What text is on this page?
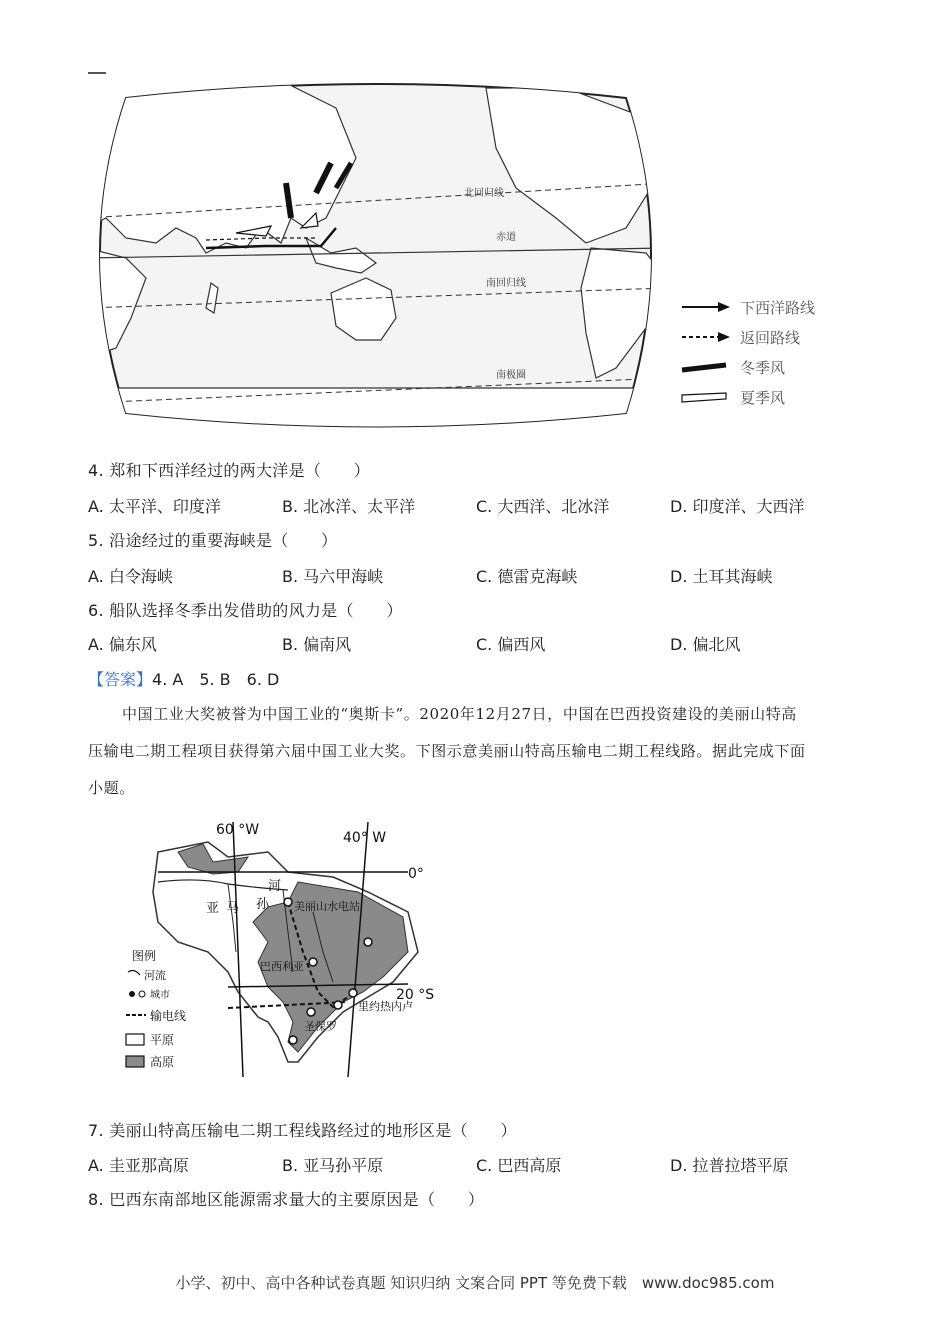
北回归线
赤道
南回归线
南极圈
下西洋路线
返回路线
冬季风
夏季风
4. 郑和下西洋经过的两大洋是（　　）
A. 太平洋、印度洋	B. 北冰洋、太平洋	C. 大西洋、北冰洋	D. 印度洋、大西洋
5. 沿途经过的重要海峡是（　　）
A. 白令海峡	B. 马六甲海峡	C. 德雷克海峡	D. 土耳其海峡
6. 船队选择冬季出发借助的风力是（　　）
A. 偏东风	B. 偏南风	C. 偏西风	D. 偏北风
【答案】4. A　5. B　6. D
中国工业大奖被誉为中国工业的“奥斯卡”。2020年12月27日，中国在巴西投资建设的美丽山特高
压输电二期工程项目获得第六届中国工业大奖。下图示意美丽山特高压输电二期工程线路。据此完成下面
小题。
60 °W	40° W
0°
20 °S
亚 马 孙
河
美丽山水电站
巴西利亚
里约热内卢
圣保罗
图例
河流
城市
输电线
平原
高原
7. 美丽山特高压输电二期工程线路经过的地形区是（　　）
A. 圭亚那高原	B. 亚马孙平原	C. 巴西高原	D. 拉普拉塔平原
8. 巴西东南部地区能源需求量大的主要原因是（　　）
小学、初中、高中各种试卷真题 知识归纳 文案合同 PPT 等免费下载　www.doc985.com
